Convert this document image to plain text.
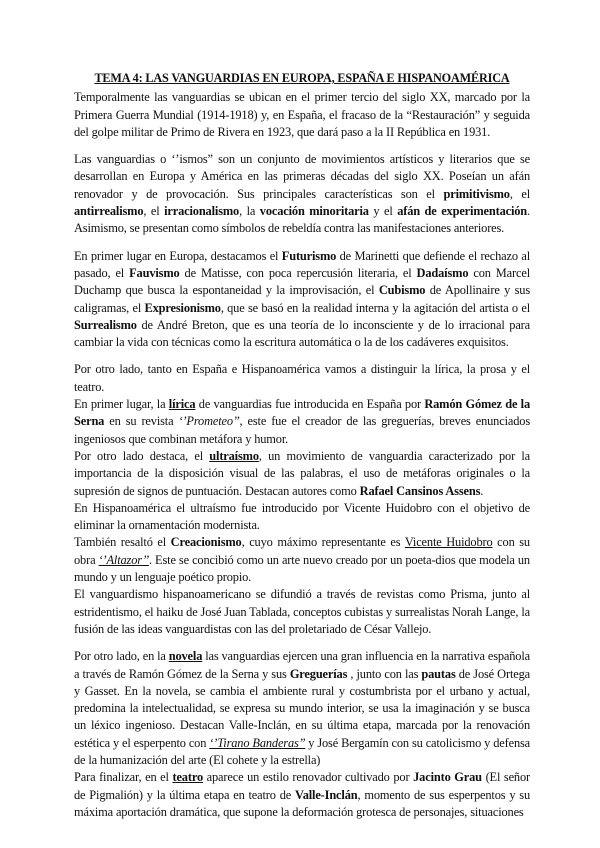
TEMA 4: LAS VANGUARDIAS EN EUROPA, ESPAÑA E HISPANOAMÉRICA

Temporalmente las vanguardias se ubican en el primer tercio del siglo XX, marcado por la Primera Guerra Mundial (1914-1918) y, en España, el fracaso de la “Restauración” y seguida del golpe militar de Primo de Rivera en 1923, que dará paso a la II República en 1931.

Las vanguardias o ‘’ismos” son un conjunto de movimientos artísticos y literarios que se desarrollan en Europa y América en las primeras décadas del siglo XX. Poseían un afán renovador y de provocación. Sus principales características son el primitivismo, el antirrealismo, el irracionalismo, la vocación minoritaria y el afán de experimentación. Asimismo, se presentan como símbolos de rebeldía contra las manifestaciones anteriores.

En primer lugar en Europa, destacamos el Futurismo de Marinetti que defiende el rechazo al pasado, el Fauvismo de Matisse, con poca repercusión literaria, el Dadaísmo con Marcel Duchamp que busca la espontaneidad y la improvisación, el Cubismo de Apollinaire y sus caligramas, el Expresionismo, que se basó en la realidad interna y la agitación del artista o el Surrealismo de André Breton, que es una teoría de lo inconsciente y de lo irracional para cambiar la vida con técnicas como la escritura automática o la de los cadáveres exquisitos.

Por otro lado, tanto en España e Hispanoamérica vamos a distinguir la lírica, la prosa y el teatro.

En primer lugar, la lírica de vanguardias fue introducida en España por Ramón Gómez de la Serna en su revista ‘’Prometeo’’, este fue el creador de las greguerías, breves enunciados ingeniosos que combinan metáfora y humor.

Por otro lado destaca, el ultraísmo, un movimiento de vanguardia caracterizado por la importancia de la disposición visual de las palabras, el uso de metáforas originales o la supresión de signos de puntuación. Destacan autores como Rafael Cansinos Assens.

En Hispanoamérica el ultraísmo fue introducido por Vicente Huidobro con el objetivo de eliminar la ornamentación modernista.

También resaltó el Creacionismo, cuyo máximo representante es Vicente Huidobro con su obra ‘’Altazor’’. Este se concibió como un arte nuevo creado por un poeta-dios que modela un mundo y un lenguaje poético propio.

El vanguardismo hispanoamericano se difundió a través de revistas como Prisma, junto al estridentismo, el haiku de José Juan Tablada, conceptos cubistas y surrealistas Norah Lange, la fusión de las ideas vanguardistas con las del proletariado de César Vallejo.

Por otro lado, en la novela las vanguardias ejercen una gran influencia en la narrativa española a través de Ramón Gómez de la Serna y sus Greguerías , junto con las pautas de José Ortega y Gasset. En la novela, se cambia el ambiente rural y costumbrista por el urbano y actual, predomina la intelectualidad, se expresa su mundo interior, se usa la imaginación y se busca un léxico ingenioso. Destacan Valle-Inclán, en su última etapa, marcada por la renovación estética y el esperpento con ‘’Tirano Banderas’’ y José Bergamín con su catolicismo y defensa de la humanización del arte (El cohete y la estrella)

Para finalizar, en el teatro aparece un estilo renovador cultivado por Jacinto Grau (El señor de Pigmalión) y la última etapa en teatro de Valle-Inclán, momento de sus esperpentos y su máxima aportación dramática, que supone la deformación grotesca de personajes, situaciones
